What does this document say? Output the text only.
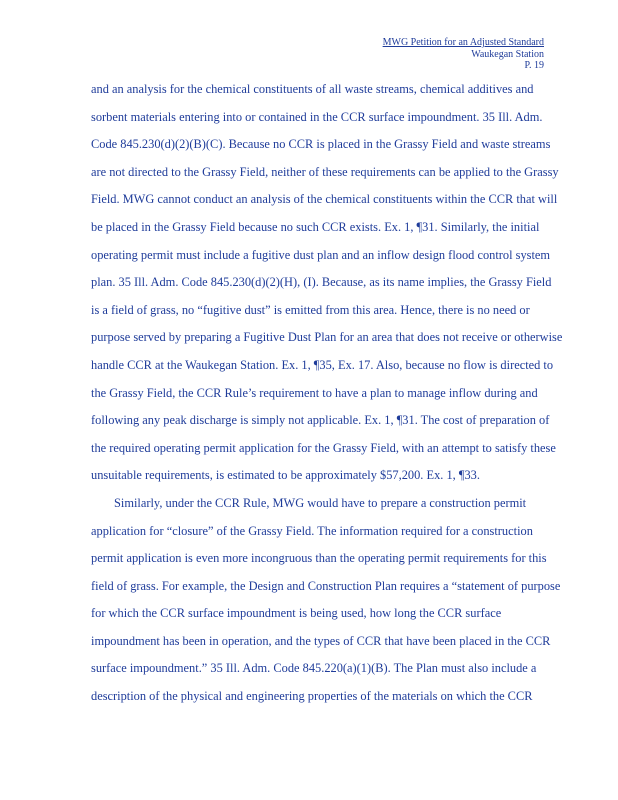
MWG Petition for an Adjusted Standard
Waukegan Station
P. 19
and an analysis for the chemical constituents of all waste streams, chemical additives and
sorbent materials entering into or contained in the CCR surface impoundment. 35 Ill. Adm.
Code 845.230(d)(2)(B)(C). Because no CCR is placed in the Grassy Field and waste streams
are not directed to the Grassy Field, neither of these requirements can be applied to the Grassy
Field. MWG cannot conduct an analysis of the chemical constituents within the CCR that will
be placed in the Grassy Field because no such CCR exists. Ex. 1, ¶31. Similarly, the initial
operating permit must include a fugitive dust plan and an inflow design flood control system
plan. 35 Ill. Adm. Code 845.230(d)(2)(H), (I). Because, as its name implies, the Grassy Field
is a field of grass, no “fugitive dust” is emitted from this area. Hence, there is no need or
purpose served by preparing a Fugitive Dust Plan for an area that does not receive or otherwise
handle CCR at the Waukegan Station. Ex. 1, ¶35, Ex. 17. Also, because no flow is directed to
the Grassy Field, the CCR Rule’s requirement to have a plan to manage inflow during and
following any peak discharge is simply not applicable. Ex. 1, ¶31. The cost of preparation of
the required operating permit application for the Grassy Field, with an attempt to satisfy these
unsuitable requirements, is estimated to be approximately $57,200. Ex. 1, ¶33.
Similarly, under the CCR Rule, MWG would have to prepare a construction permit
application for “closure” of the Grassy Field. The information required for a construction
permit application is even more incongruous than the operating permit requirements for this
field of grass. For example, the Design and Construction Plan requires a “statement of purpose
for which the CCR surface impoundment is being used, how long the CCR surface
impoundment has been in operation, and the types of CCR that have been placed in the CCR
surface impoundment.” 35 Ill. Adm. Code 845.220(a)(1)(B). The Plan must also include a
description of the physical and engineering properties of the materials on which the CCR
